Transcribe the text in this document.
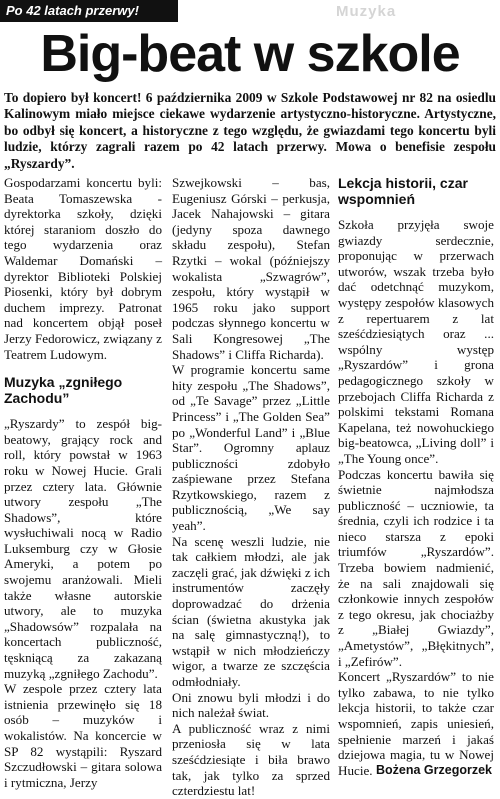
Po 42 latach przerwy!	Muzyka
Big-beat w szkole

To dopiero był koncert! 6 października 2009 w Szkole Podstawowej nr 82 na osiedlu Kalinowym miało miejsce ciekawe wydarzenie artystyczno-historyczne. Artystyczne, bo odbył się koncert, a historyczne z tego względu, że gwiazdami tego koncertu byli ludzie, którzy zagrali razem po 42 latach przerwy. Mowa o benefisie zespołu „Ryszardy”.

Gospodarzami koncertu byli: Beata Tomaszewska - dyrektorka szkoły, dzięki której staraniom doszło do tego wydarzenia oraz Waldemar Domański – dyrektor Biblioteki Polskiej Piosenki, który był dobrym duchem imprezy. Patronat nad koncertem objął poseł Jerzy Fedorowicz, związany z Teatrem Ludowym.

Muzyka „zgniłego Zachodu”

„Ryszardy” to zespół big-beatowy, grający rock and roll, który powstał w 1963 roku w Nowej Hucie. Grali przez cztery lata. Głównie utwory zespołu „The Shadows”, które wysłuchiwali nocą w Radio Luksemburg czy w Głosie Ameryki, a potem po swojemu aranżowali. Mieli także własne autorskie utwory, ale to muzyka „Shadowsów” rozpalała na koncertach publiczność, tęskniącą za zakazaną muzyką „zgniłego Zachodu”.

W zespole przez cztery lata istnienia przewinęło się 18 osób – muzyków i wokalistów. Na koncercie w SP 82 wystąpili: Ryszard Szczudłowski – gitara solowa i rytmiczna, Jerzy

Szwejkowski – bas, Eugeniusz Górski – perkusja, Jacek Nahajowski – gitara (jedyny spoza dawnego składu zespołu), Stefan Rzytki – wokal (późniejszy wokalista „Szwagrów”, zespołu, który wystąpił w 1965 roku jako support podczas słynnego koncertu w Sali Kongresowej „The Shadows” i Cliffa Richarda).

W programie koncertu same hity zespołu „The Shadows”, od „Te Savage” przez „Little Princess” i „The Golden Sea” po „Wonderful Land” i „Blue Star”. Ogromny aplauz publiczności zdobyło zaśpiewane przez Stefana Rzytkowskiego, razem z publicznością, „We say yeah”.

Na scenę weszli ludzie, nie tak całkiem młodzi, ale jak zaczęli grać, jak dźwięki z ich instrumentów zaczęły doprowadzać do drżenia ścian (świetna akustyka jak na salę gimnastyczną!), to wstąpił w nich młodzieńczy wigor, a twarze ze szczęścia odmłodniały.

Oni znowu byli młodzi i do nich należał świat.

A publiczność wraz z nimi przeniosła się w lata sześćdziesiąte i biła brawo tak, jak tylko za sprzed czterdziestu lat!

Lekcja historii, czar wspomnień

Szkoła przyjęła swoje gwiazdy serdecznie, proponując w przerwach utworów, wszak trzeba było dać odetchnąć muzykom, występy zespołów klasowych z repertuarem z lat sześćdziesiątych oraz ... wspólny występ „Ryszardów” i grona pedagogicznego szkoły w przebojach Cliffa Richarda z polskimi tekstami Romana Kapelana, też nowohuckiego big-beatowca, „Living doll” i „The Young once”.

Podczas koncertu bawiła się świetnie najmłodsza publiczność – uczniowie, ta średnia, czyli ich rodzice i ta nieco starsza z epoki triumfów „Ryszardów”. Trzeba bowiem nadmienić, że na sali znajdowali się członkowie innych zespołów z tego okresu, jak chociażby z „Białej Gwiazdy”, „Ametystów”, „Błękitnych”, i „Zefirów”.

Koncert „Ryszardów” to nie tylko zabawa, to nie tylko lekcja historii, to także czar wspomnień, zapis uniesień, spełnienie marzeń i jakaś dziejowa magia, tu w Nowej Hucie. Bożena Grzegorzek
